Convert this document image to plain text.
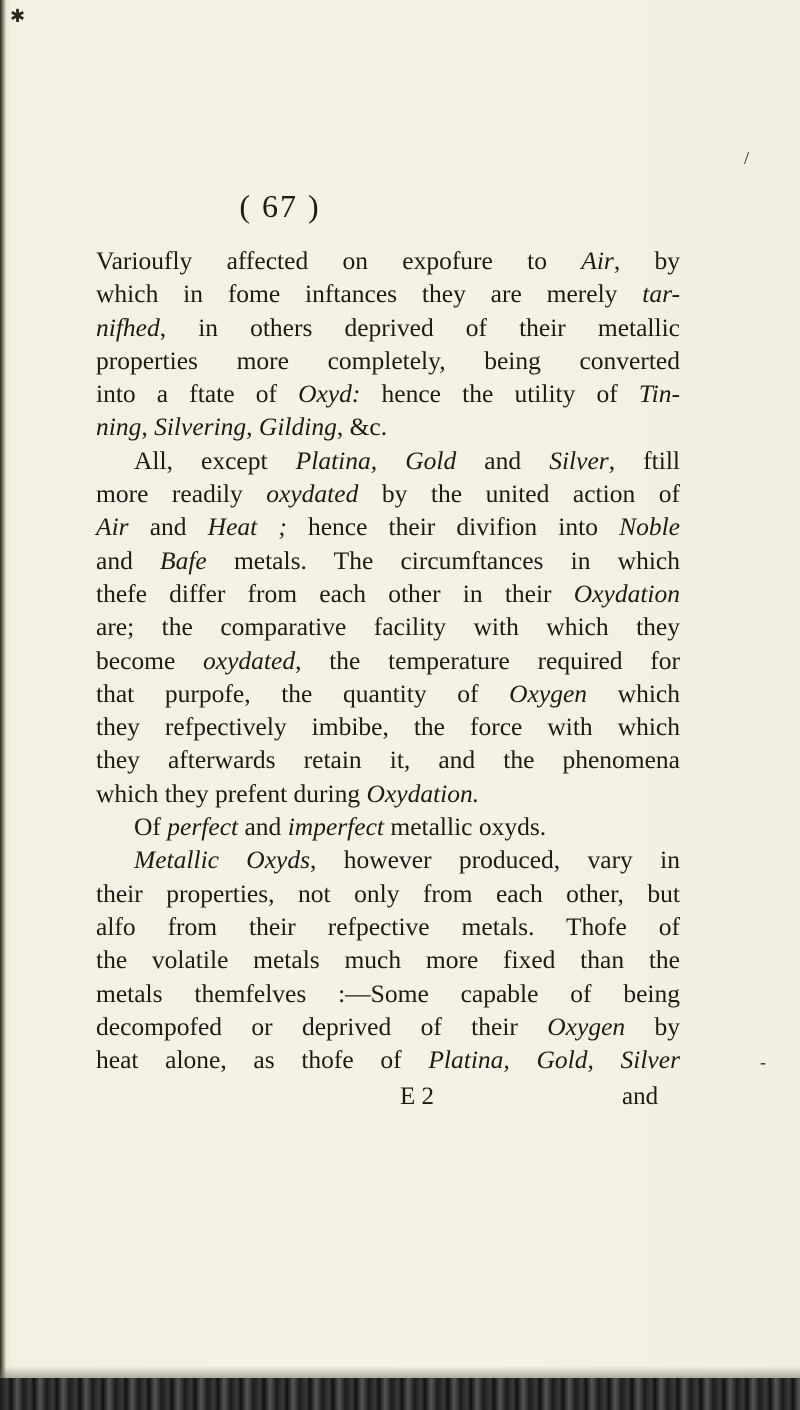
✱
/
-
( 67 )
Varioufly affected on expofure to Air, by
which in fome inftances they are merely tar-
nifhed, in others deprived of their metallic
properties more completely, being converted
into a ftate of Oxyd: hence the utility of Tin-
ning, Silvering, Gilding, &c.
All, except Platina, Gold and Silver, ftill
more readily oxydated by the united action of
Air and Heat ; hence their divifion into Noble
and Bafe metals. The circumftances in which
thefe differ from each other in their Oxydation
are; the comparative facility with which they
become oxydated, the temperature required for
that purpofe, the quantity of Oxygen which
they refpectively imbibe, the force with which
they afterwards retain it, and the phenomena
which they prefent during Oxydation.
Of perfect and imperfect metallic oxyds.
Metallic Oxyds, however produced, vary in
their properties, not only from each other, but
alfo from their refpective metals. Thofe of
the volatile metals much more fixed than the
metals themfelves :—Some capable of being
decompofed or deprived of their Oxygen by
heat alone, as thofe of Platina, Gold, Silver
E 2	and
